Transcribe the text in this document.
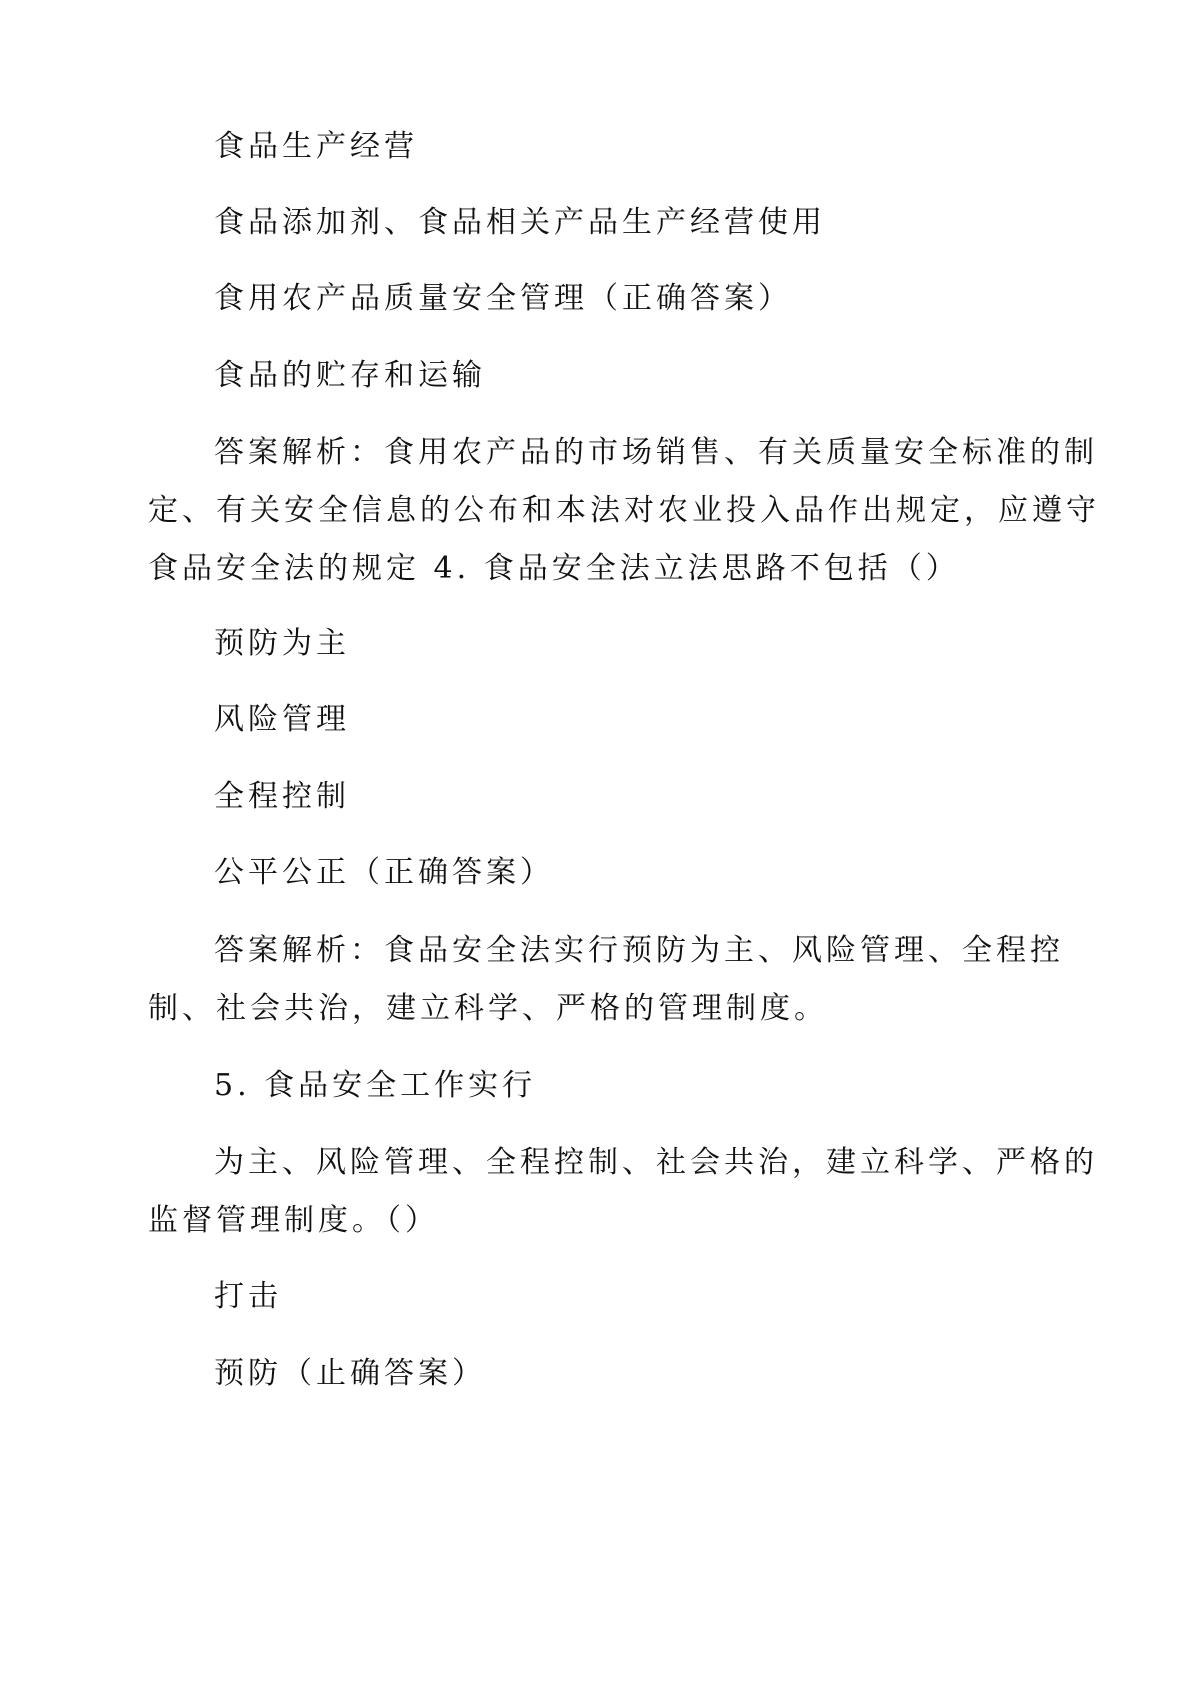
食品生产经营
食品添加剂、食品相关产品生产经营使用
食用农产品质量安全管理（正确答案）
食品的贮存和运输
答案解析：食用农产品的市场销售、有关质量安全标准的制
定、有关安全信息的公布和本法对农业投入品作出规定，应遵守
食品安全法的规定 4. 食品安全法立法思路不包括（）
预防为主
风险管理
全程控制
公平公正（正确答案）
答案解析：食品安全法实行预防为主、风险管理、全程控
制、社会共治，建立科学、严格的管理制度。
5. 食品安全工作实行
为主、风险管理、全程控制、社会共治，建立科学、严格的
监督管理制度。（）
打击
预防（止确答案）
